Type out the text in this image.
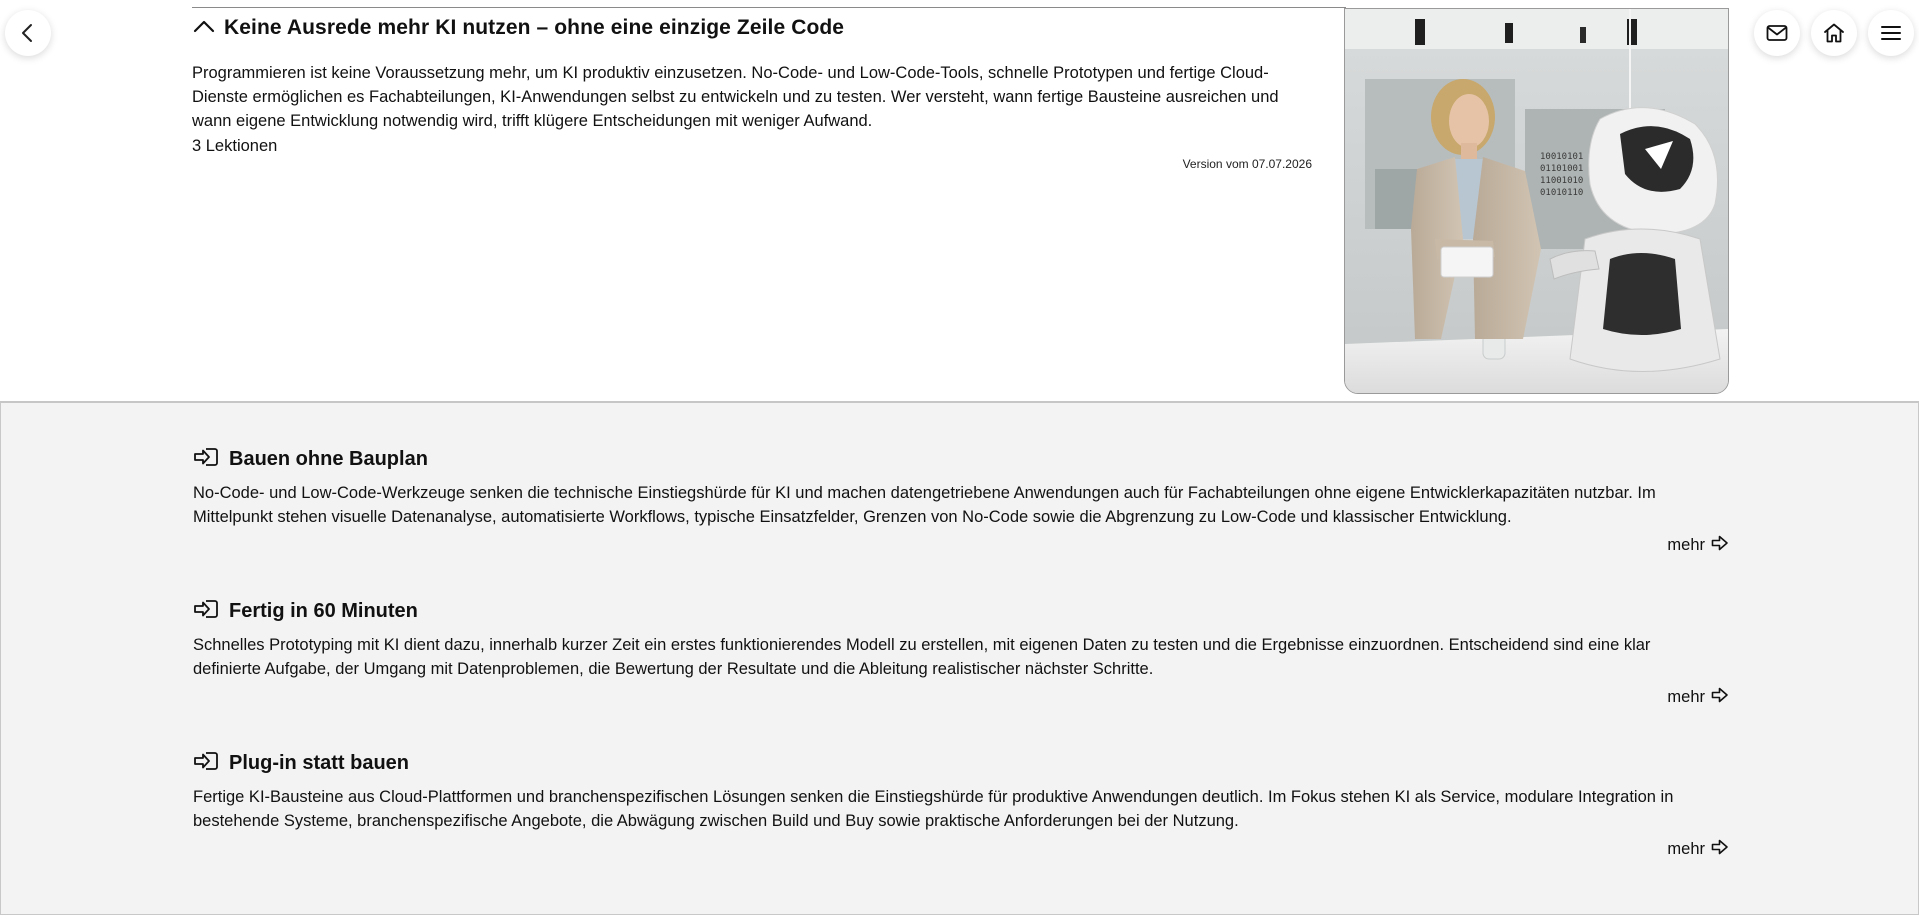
Keine Ausrede mehr KI nutzen – ohne eine einzige Zeile Code
Programmieren ist keine Voraussetzung mehr, um KI produktiv einzusetzen. No-Code- und Low-Code-Tools, schnelle Prototypen und fertige Cloud-Dienste ermöglichen es Fachabteilungen, KI-Anwendungen selbst zu entwickeln und zu testen. Wer versteht, wann fertige Bausteine ausreichen und wann eigene Entwicklung notwendig wird, trifft klügere Entscheidungen mit weniger Aufwand.
3 Lektionen
Version vom 07.07.2026	10010101
01101001
11001010
01010110
Bauen ohne Bauplan
No-Code- und Low-Code-Werkzeuge senken die technische Einstiegshürde für KI und machen datengetriebene Anwendungen auch für Fachabteilungen ohne eigene Entwicklerkapazitäten nutzbar. Im Mittelpunkt stehen visuelle Datenanalyse, automatisierte Workflows, typische Einsatzfelder, Grenzen von No-Code sowie die Abgrenzung zu Low-Code und klassischer Entwicklung.
mehr
Fertig in 60 Minuten
Schnelles Prototyping mit KI dient dazu, innerhalb kurzer Zeit ein erstes funktionierendes Modell zu erstellen, mit eigenen Daten zu testen und die Ergebnisse einzuordnen. Entscheidend sind eine klar definierte Aufgabe, der Umgang mit Datenproblemen, die Bewertung der Resultate und die Ableitung realistischer nächster Schritte.
mehr
Plug-in statt bauen
Fertige KI-Bausteine aus Cloud-Plattformen und branchenspezifischen Lösungen senken die Einstiegshürde für produktive Anwendungen deutlich. Im Fokus stehen KI als Service, modulare Integration in bestehende Systeme, branchenspezifische Angebote, die Abwägung zwischen Build und Buy sowie praktische Anforderungen bei der Nutzung.
mehr
